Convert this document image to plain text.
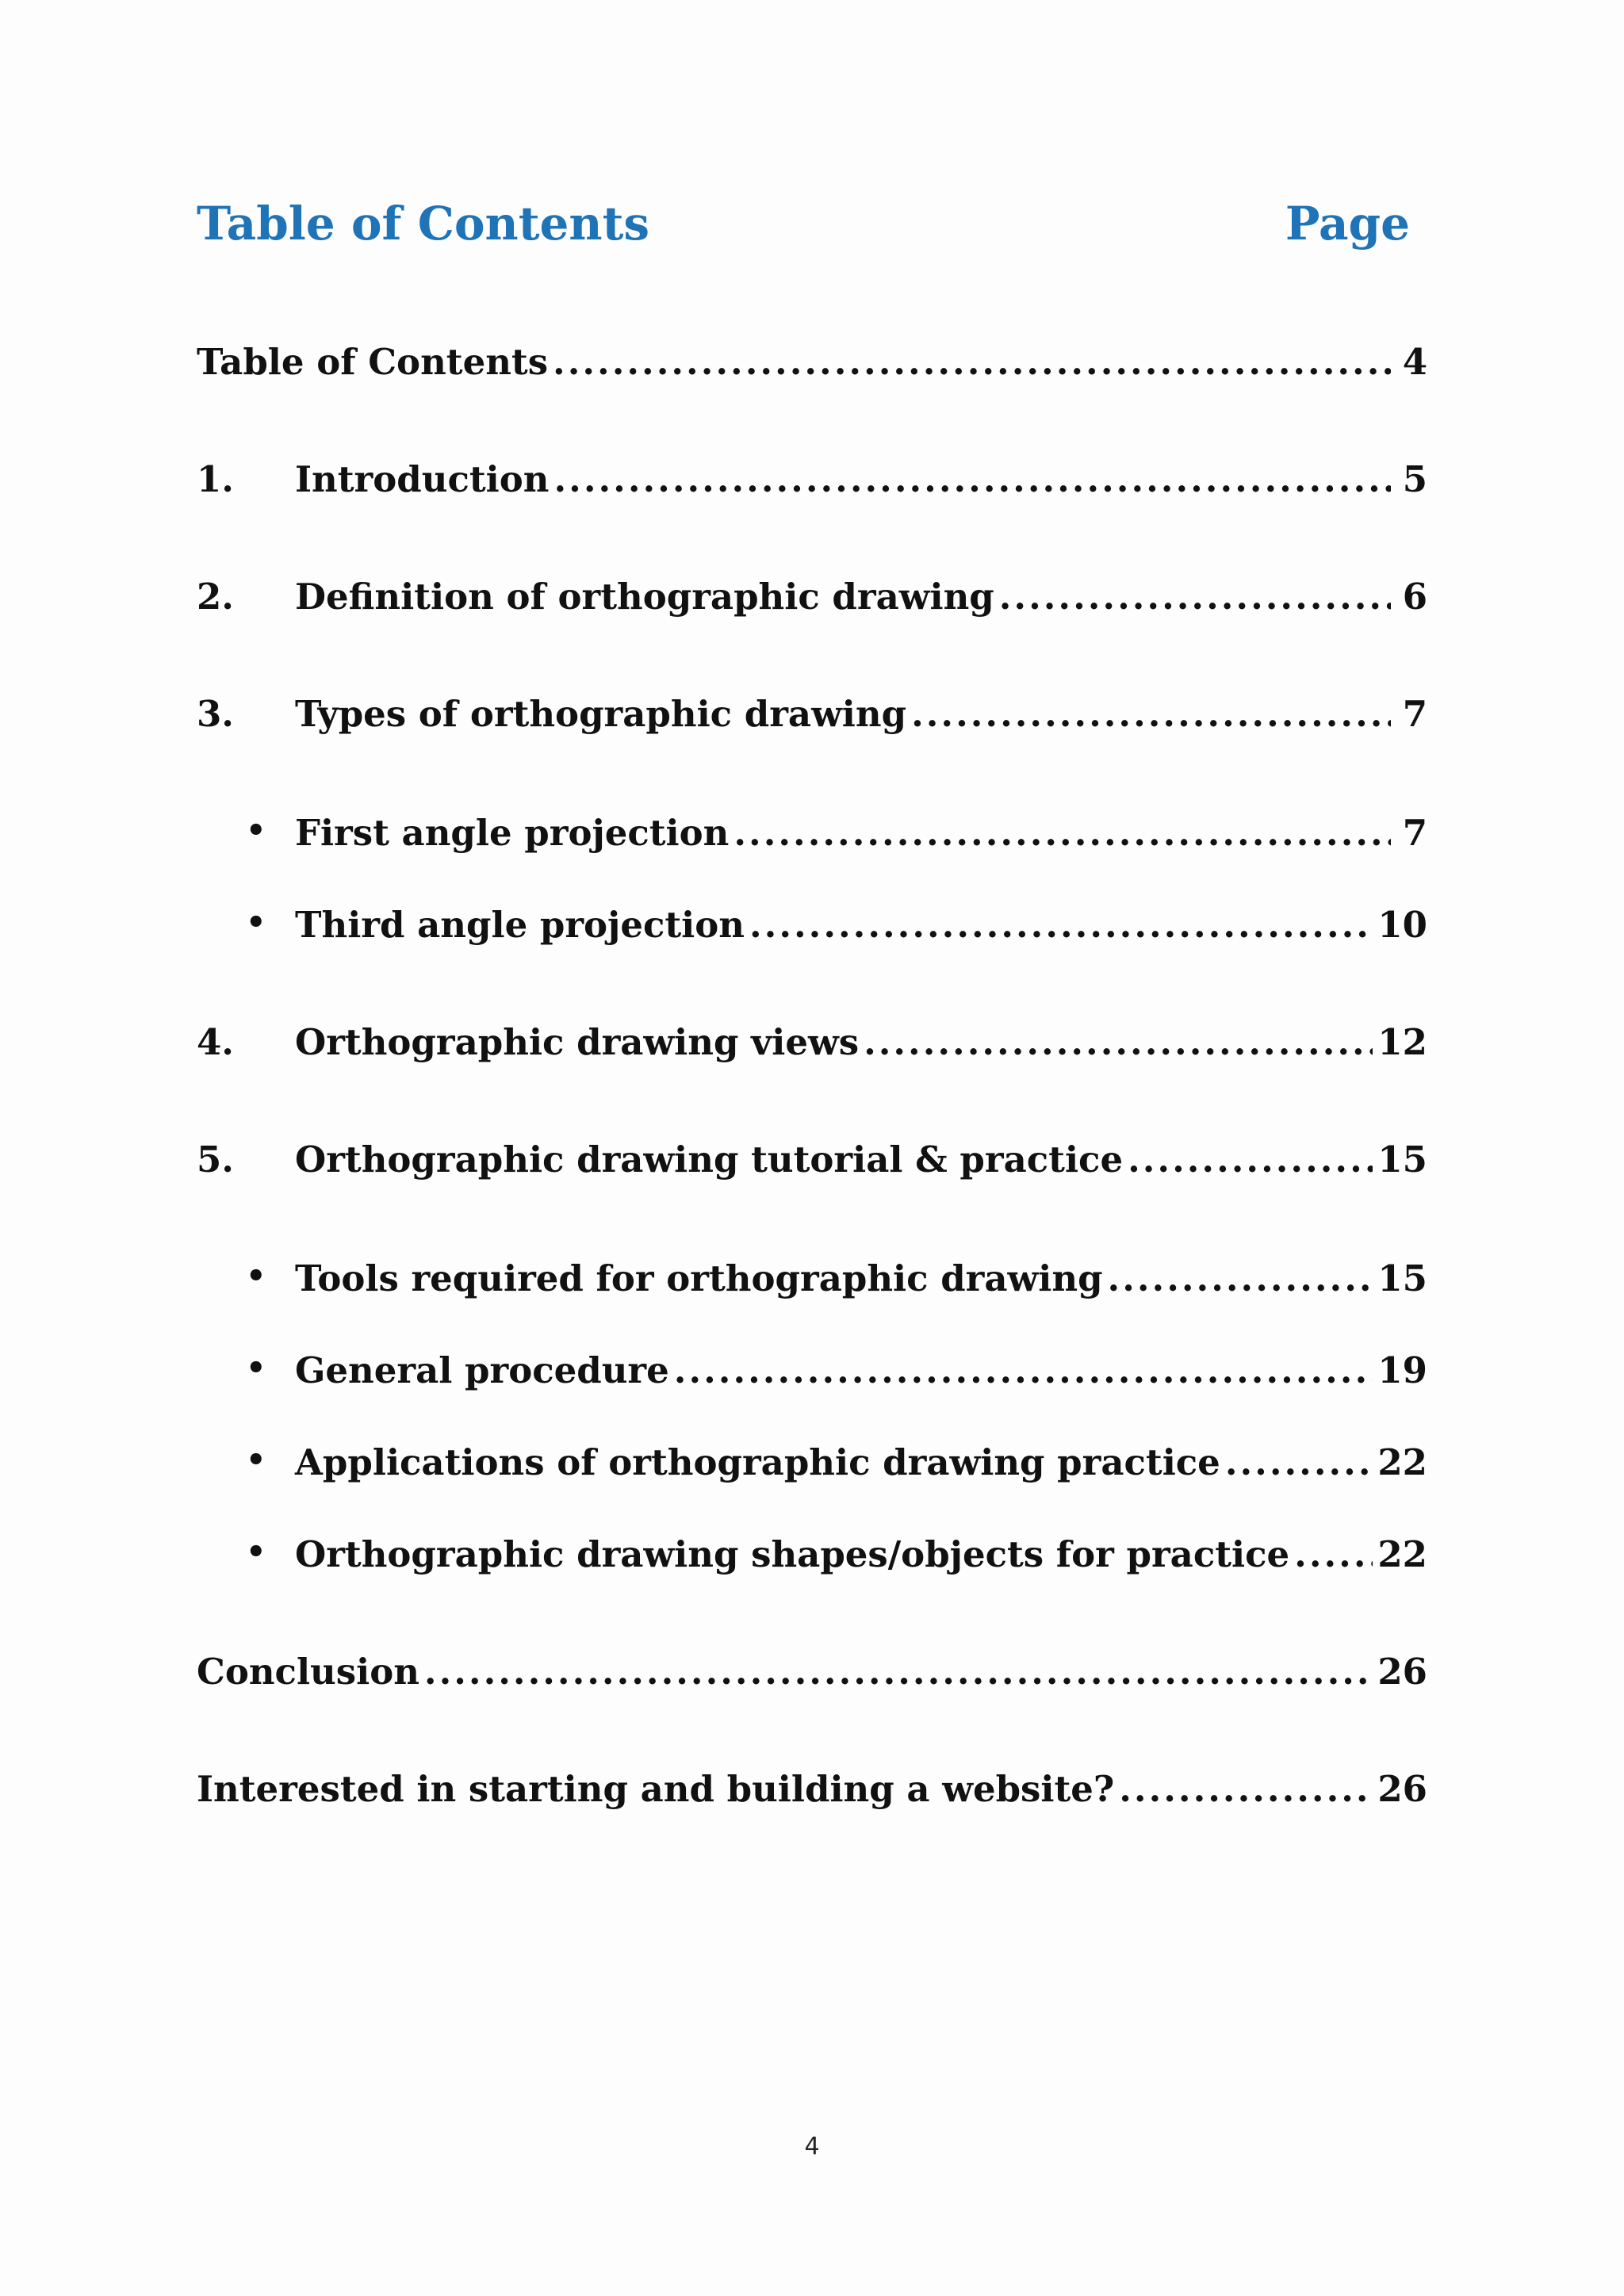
Table of Contents	Page
Table of Contents .....	4
1.	Introduction .....	5
2.	Definition of orthographic drawing .....	6
3.	Types of orthographic drawing .....	7
• First angle projection .....	7
• Third angle projection .....	10
4.	Orthographic drawing views .....	12
5.	Orthographic drawing tutorial & practice .....	15
• Tools required for orthographic drawing .....	15
• General procedure .....	19
• Applications of orthographic drawing practice .....	22
• Orthographic drawing shapes/objects for practice ..... 22
Conclusion .....	26
Interested in starting and building a website? .....	26
4
